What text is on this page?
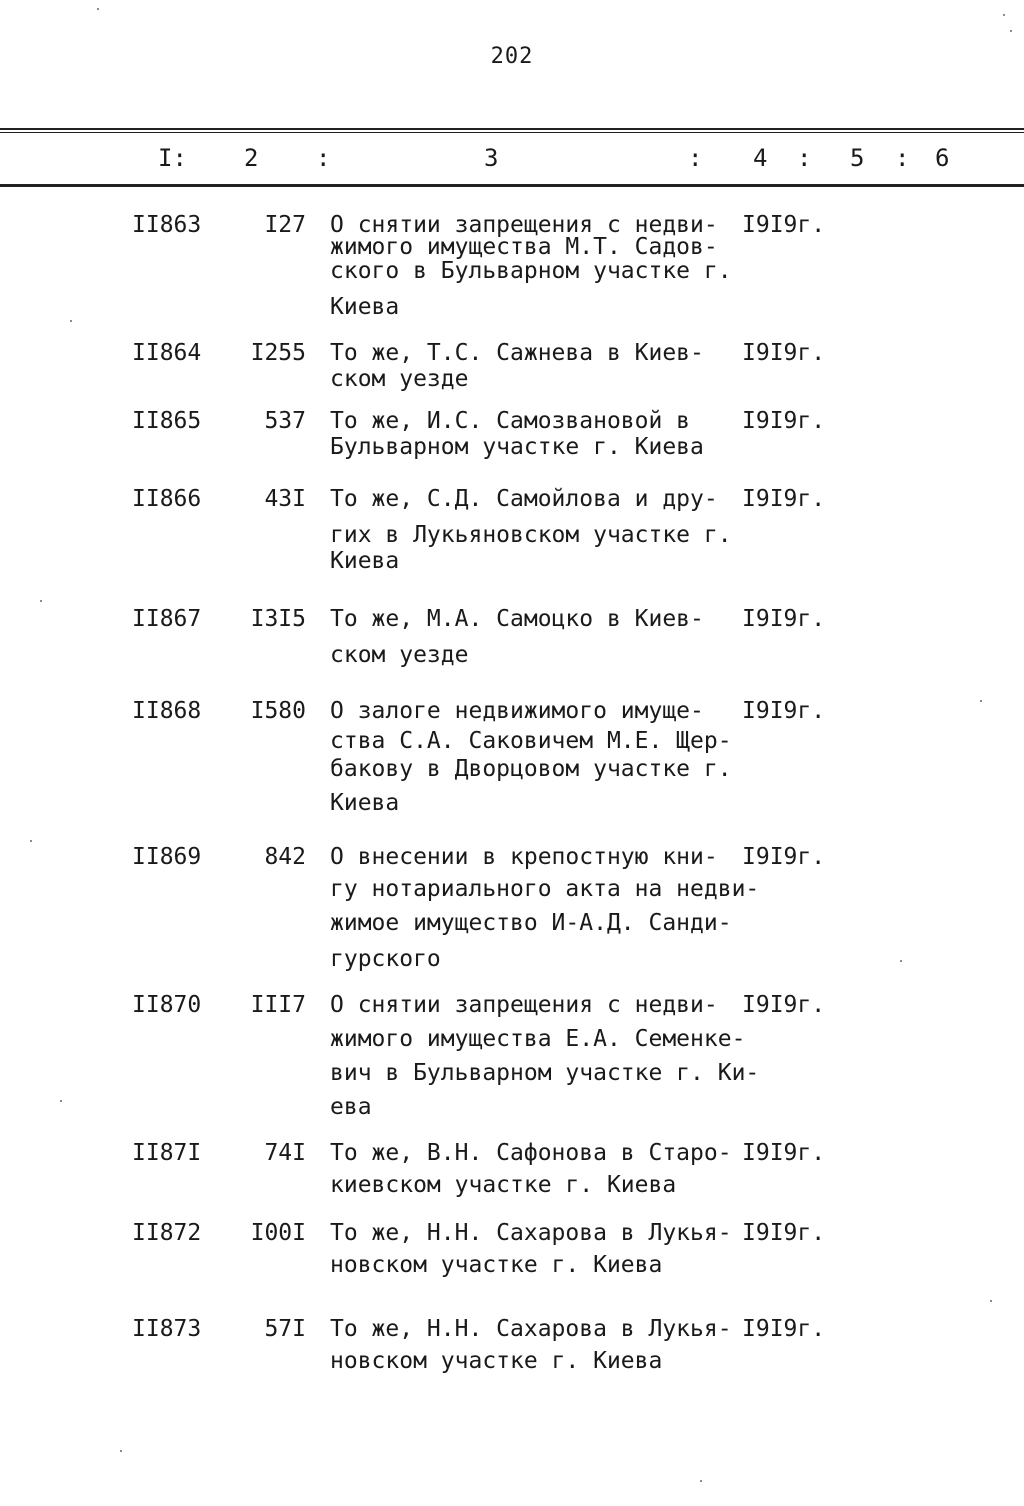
202
I: 2 :	3	: 4 : 5 : 6
II863	I27 О снятии запрещения с недви-
жимого имущества М.Т. Садов-
ского в Бульварном участке г.
Киева
I9I9г.
II864 I255 То же, Т.С. Сажнева в Киев-
ском уезде
I9I9г.
II865	537 То же, И.С. Самозвановой в
Бульварном участке г. Киева
I9I9г.
II866	43I То же, С.Д. Самойлова и дру-
гих в Лукьяновском участке г.
Киева
I9I9г.
II867 I3I5 То же, М.А. Самоцко в Киев-
ском уезде
I9I9г.
II868 I580 О залоге недвижимого имуще-
ства С.А. Саковичем М.Е. Щер-
бакову в Дворцовом участке г.
Киева
I9I9г.
II869	842 О внесении в крепостную кни-
гу нотариального акта на недви-
жимое имущество И-А.Д. Санди-
гурского
I9I9г.
II870 III7 О снятии запрещения с недви-
жимого имущества Е.А. Семенке-
вич в Бульварном участке г. Ки-
ева
I9I9г.
II87I	74I То же, В.Н. Сафонова в Старо-
киевском участке г. Киева
I9I9г.
II872 I00I То же, Н.Н. Сахарова в Лукья-
новском участке г. Киева
I9I9г.
II873	57I То же, Н.Н. Сахарова в Лукья-
новском участке г. Киева
I9I9г.
